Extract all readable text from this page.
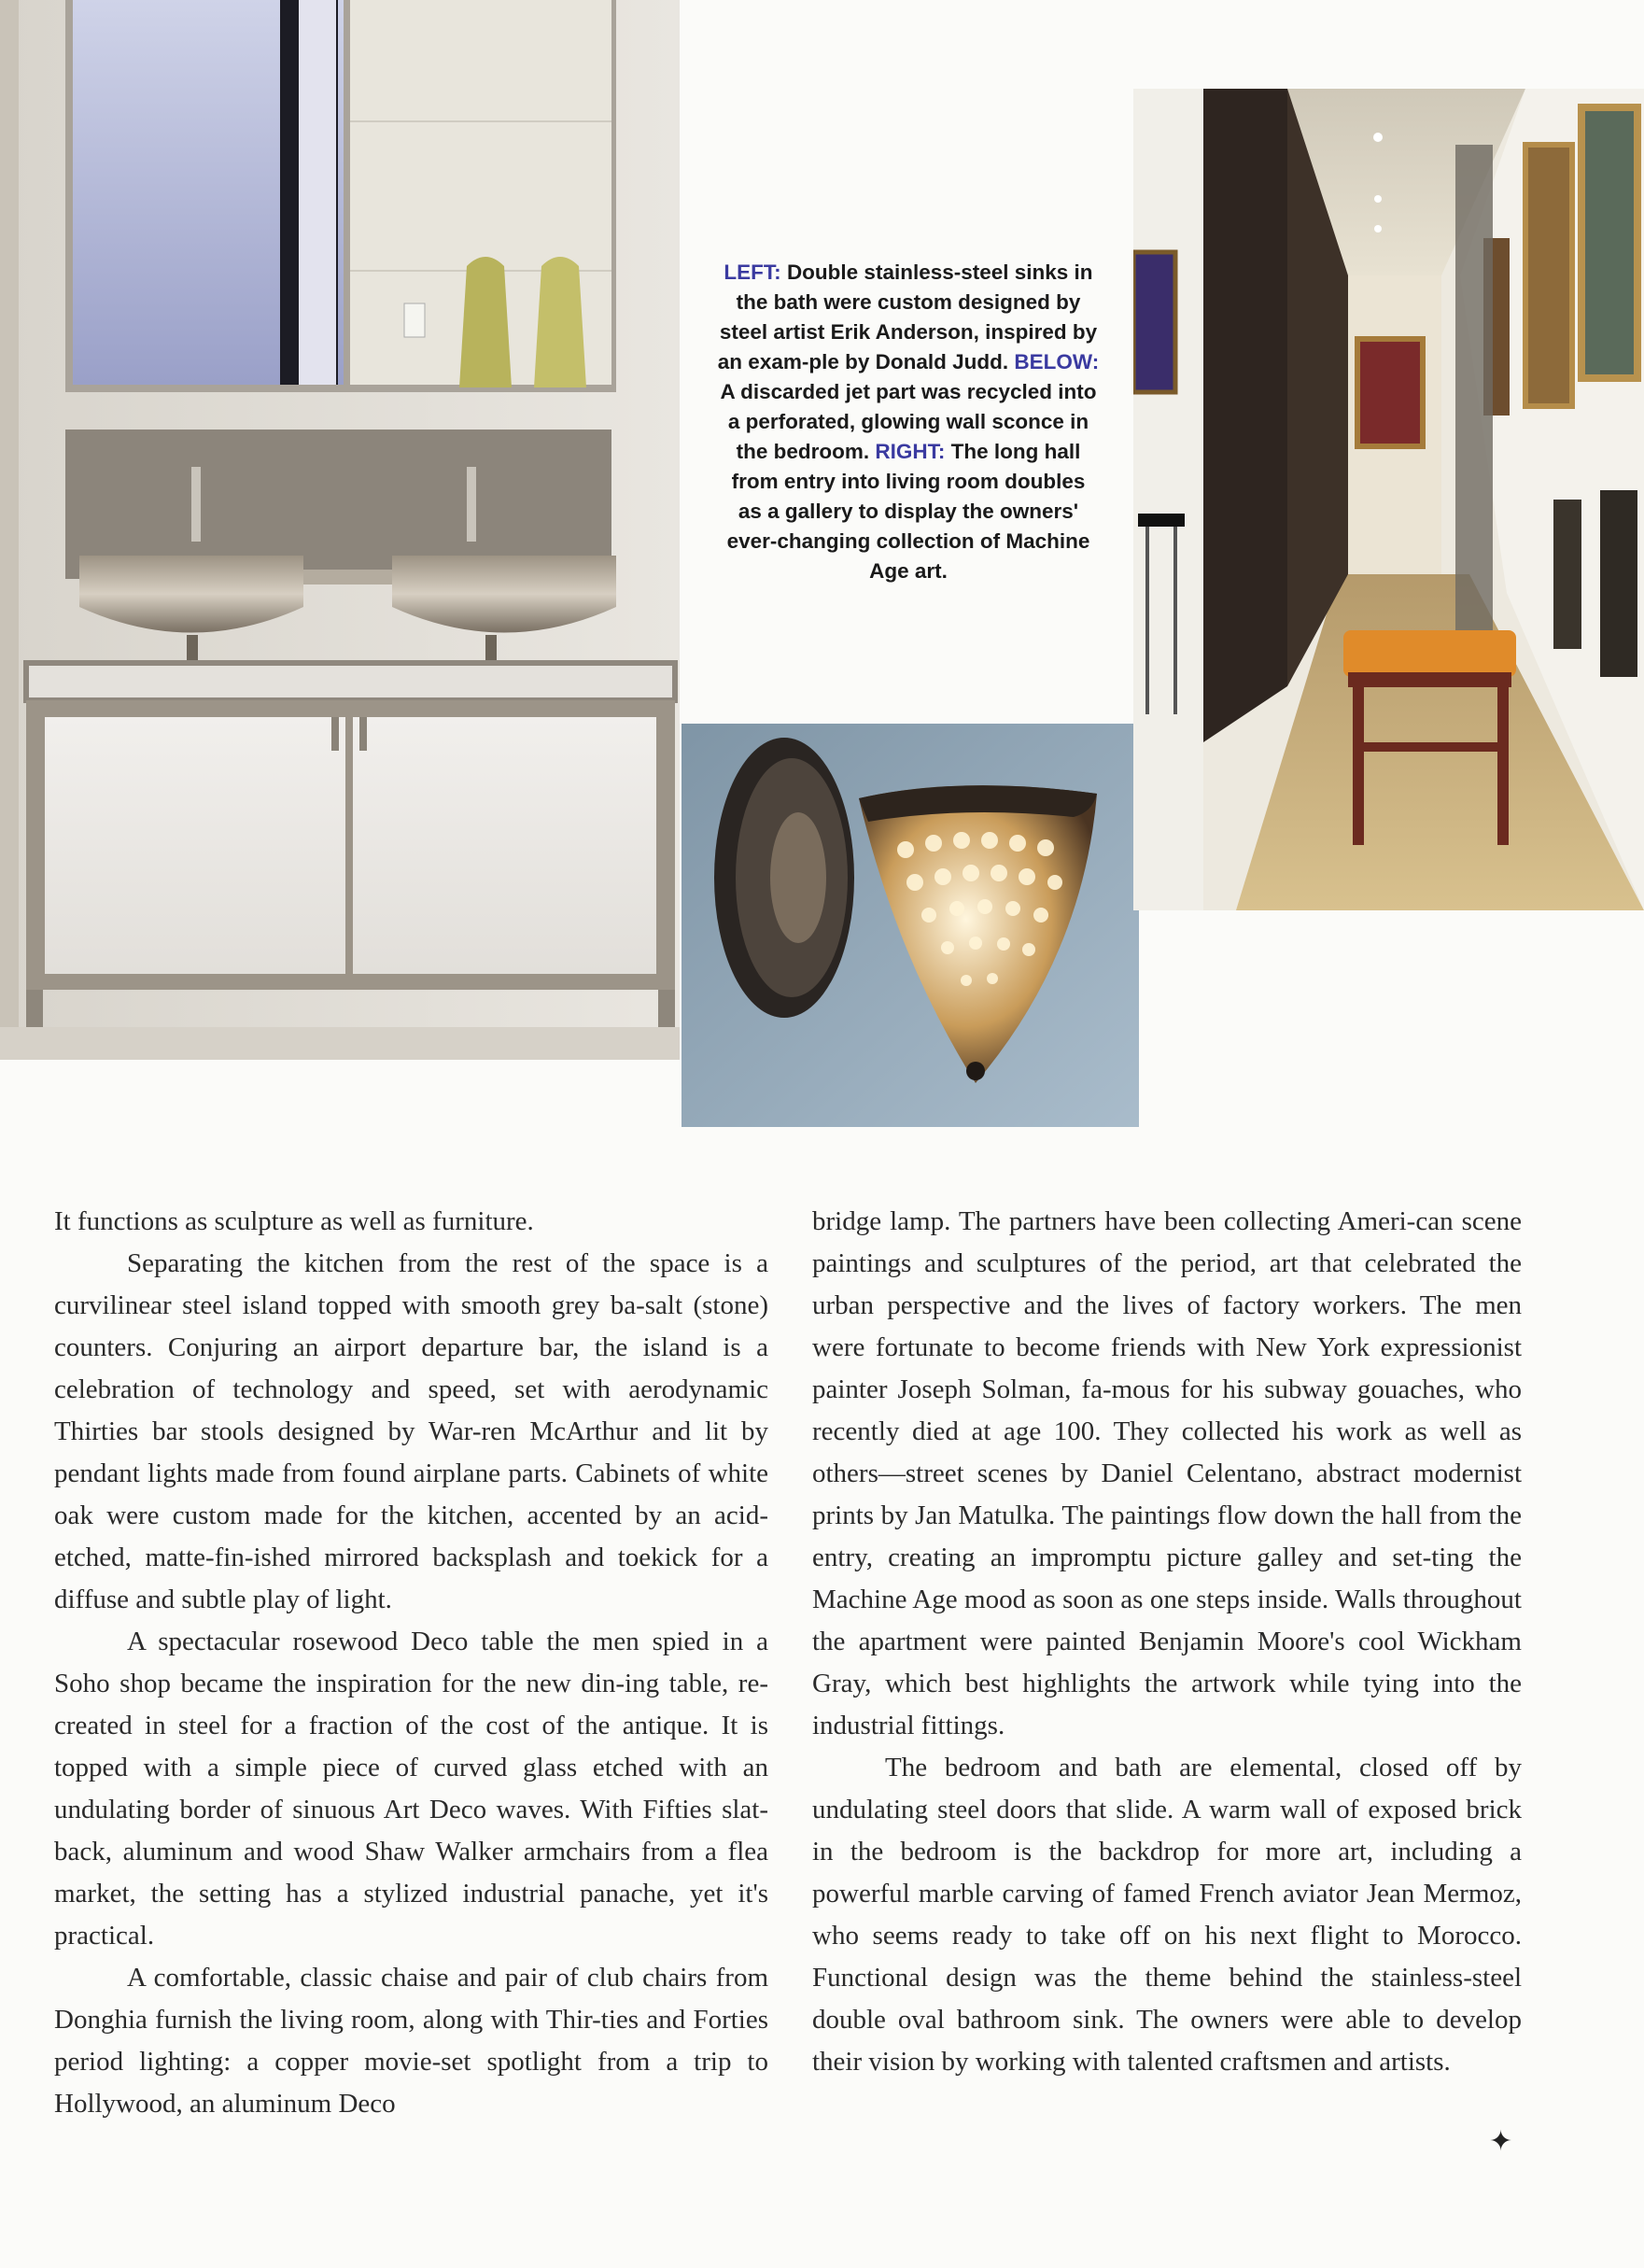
LEFT: Double stainless-steel sinks in the bath were custom designed by steel artist Erik Anderson, inspired by an exam-ple by Donald Judd. BELOW: A discarded jet part was recycled into a perforated, glowing wall sconce in the bedroom. RIGHT: The long hall from entry into living room doubles as a gallery to display the owners' ever-changing collection of Machine Age art.

It functions as sculpture as well as furniture.

Separating the kitchen from the rest of the space is a curvilinear steel island topped with smooth grey ba-salt (stone) counters. Conjuring an airport departure bar, the island is a celebration of technology and speed, set with aerodynamic Thirties bar stools designed by War-ren McArthur and lit by pendant lights made from found airplane parts. Cabinets of white oak were custom made for the kitchen, accented by an acid-etched, matte-fin-ished mirrored backsplash and toekick for a diffuse and subtle play of light.

A spectacular rosewood Deco table the men spied in a Soho shop became the inspiration for the new din-ing table, re-created in steel for a fraction of the cost of the antique. It is topped with a simple piece of curved glass etched with an undulating border of sinuous Art Deco waves. With Fifties slat-back, aluminum and wood Shaw Walker armchairs from a flea market, the setting has a stylized industrial panache, yet it's practical.

A comfortable, classic chaise and pair of club chairs from Donghia furnish the living room, along with Thir-ties and Forties period lighting: a copper movie-set spotlight from a trip to Hollywood, an aluminum Deco

bridge lamp. The partners have been collecting Ameri-can scene paintings and sculptures of the period, art that celebrated the urban perspective and the lives of factory workers. The men were fortunate to become friends with New York expressionist painter Joseph Solman, fa-mous for his subway gouaches, who recently died at age 100. They collected his work as well as others—street scenes by Daniel Celentano, abstract modernist prints by Jan Matulka. The paintings flow down the hall from the entry, creating an impromptu picture galley and set-ting the Machine Age mood as soon as one steps inside. Walls throughout the apartment were painted Benjamin Moore's cool Wickham Gray, which best highlights the artwork while tying into the industrial fittings.

The bedroom and bath are elemental, closed off by undulating steel doors that slide. A warm wall of exposed brick in the bedroom is the backdrop for more art, including a powerful marble carving of famed French aviator Jean Mermoz, who seems ready to take off on his next flight to Morocco. Functional design was the theme behind the stainless-steel double oval bathroom sink. The owners were able to develop their vision by working with talented craftsmen and artists.

✦
